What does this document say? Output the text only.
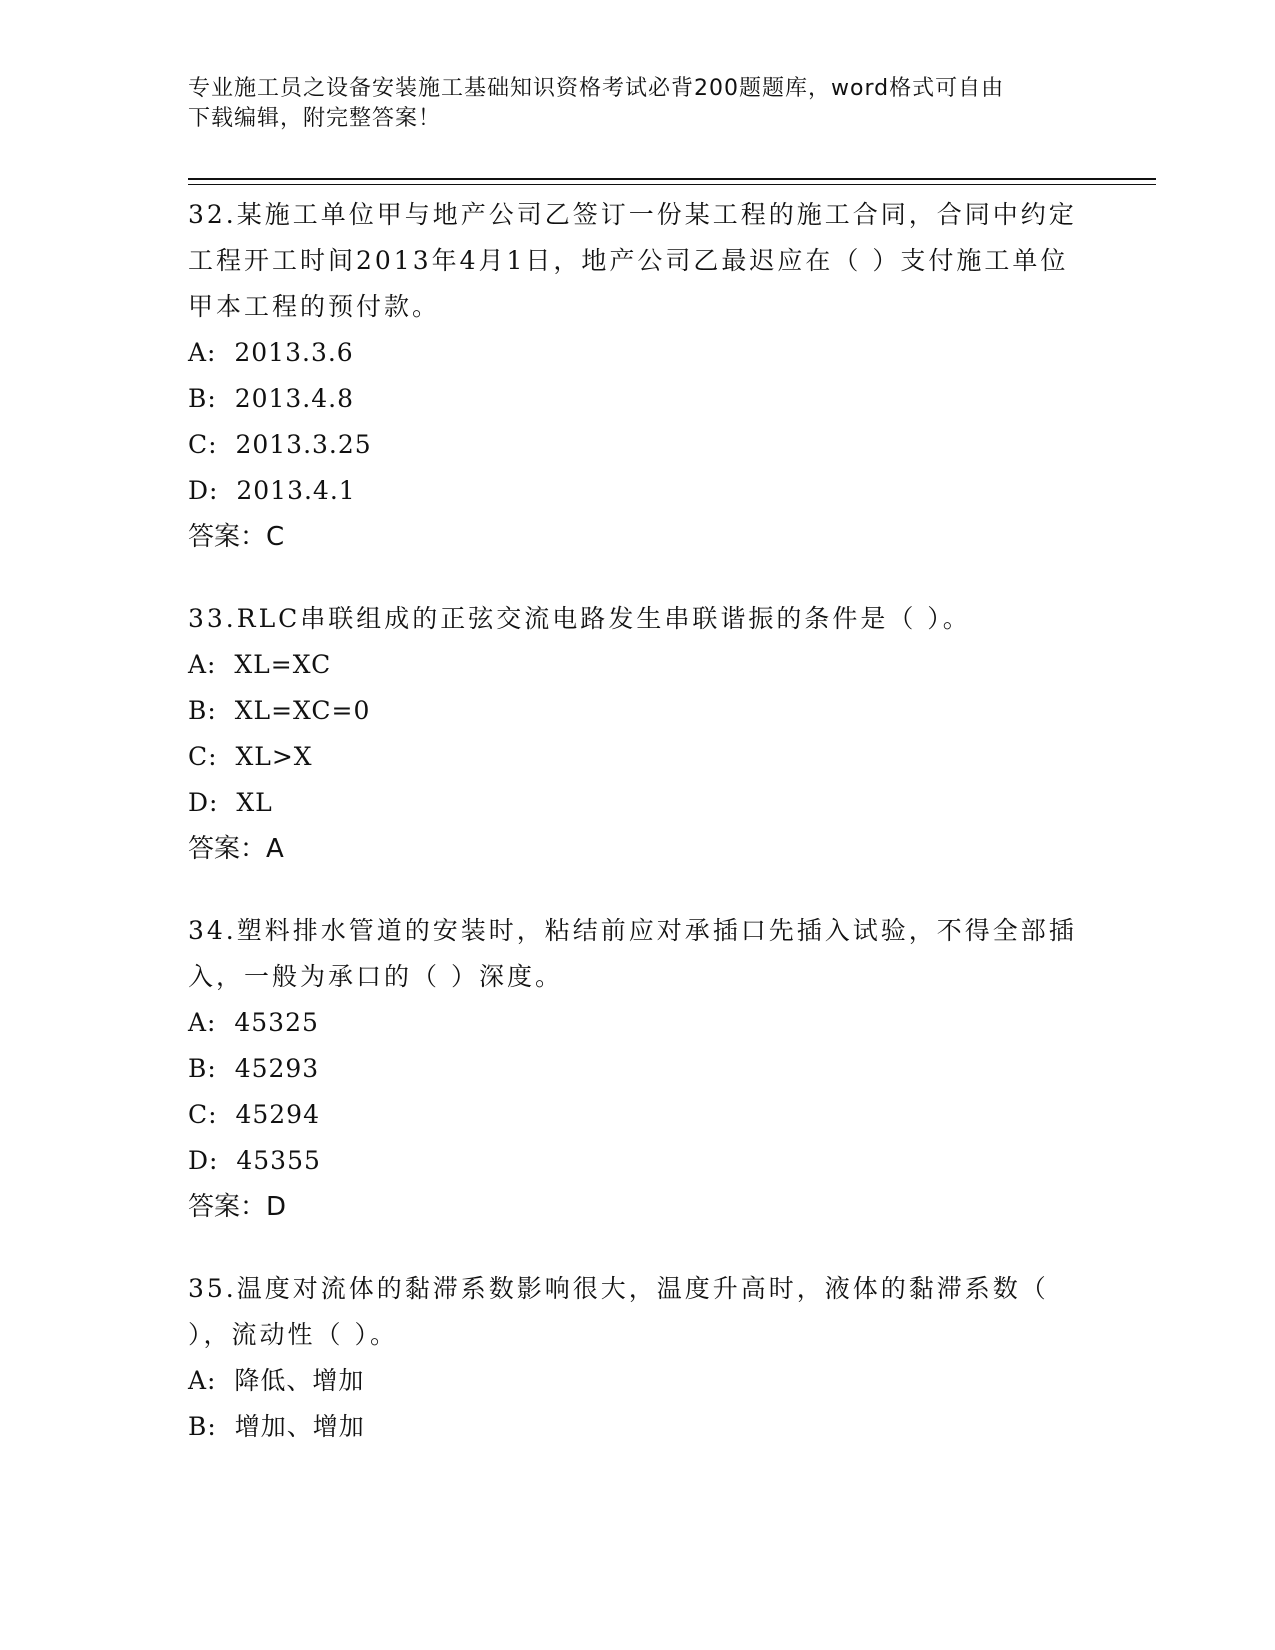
专业施工员之设备安装施工基础知识资格考试必背200题题库，word格式可自由
下载编辑，附完整答案！

32.某施工单位甲与地产公司乙签订一份某工程的施工合同，合同中约定工程开工时间2013年4月1日，地产公司乙最迟应在（ ）支付施工单位甲本工程的预付款。

A:  2013.3.6

B:  2013.4.8

C:  2013.3.25

D:  2013.4.1

答案：C

33.RLC串联组成的正弦交流电路发生串联谐振的条件是（ ）。

A:  XL=XC

B:  XL=XC=0

C:  XL>X

D:  XL

答案：A

34.塑料排水管道的安装时，粘结前应对承插口先插入试验，不得全部插入，一般为承口的（ ）深度。

A:  45325

B:  45293

C:  45294

D:  45355

答案：D

35.温度对流体的黏滞系数影响很大，温度升高时，液体的黏滞系数（ ），流动性（ ）。

A:  降低、增加

B:  增加、增加
